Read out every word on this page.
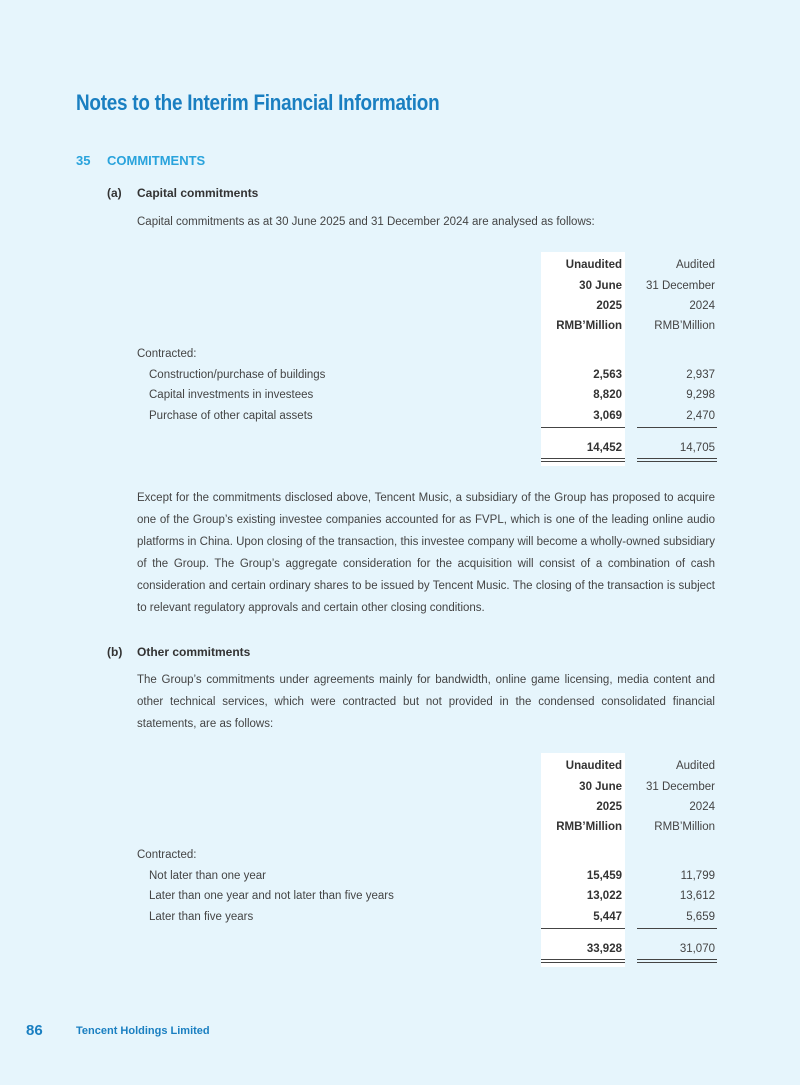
Notes to the Interim Financial Information
35 COMMITMENTS
(a) Capital commitments

Capital commitments as at 30 June 2025 and 31 December 2024 are analysed as follows:

Unaudited	Audited
30 June	31 December
2025	2024
RMB’Million	RMB’Million
Contracted:
Construction/purchase of buildings	2,563	2,937
Capital investments in investees	8,820	9,298
Purchase of other capital assets	3,069	2,470
14,452	14,705

Except for the commitments disclosed above, Tencent Music, a subsidiary of the Group has proposed to acquire one of the Group’s existing investee companies accounted for as FVPL, which is one of the leading online audio platforms in China. Upon closing of the transaction, this investee company will become a wholly-owned subsidiary of the Group. The Group’s aggregate consideration for the acquisition will consist of a combination of cash consideration and certain ordinary shares to be issued by Tencent Music. The closing of the transaction is subject to relevant regulatory approvals and certain other closing conditions.

(b) Other commitments

The Group’s commitments under agreements mainly for bandwidth, online game licensing, media content and other technical services, which were contracted but not provided in the condensed consolidated financial statements, are as follows:

Unaudited	Audited
30 June	31 December
2025	2024
RMB’Million	RMB’Million
Contracted:
Not later than one year	15,459	11,799
Later than one year and not later than five years	13,022	13,612
Later than five years	5,447	5,659
33,928	31,070
86	Tencent Holdings Limited
